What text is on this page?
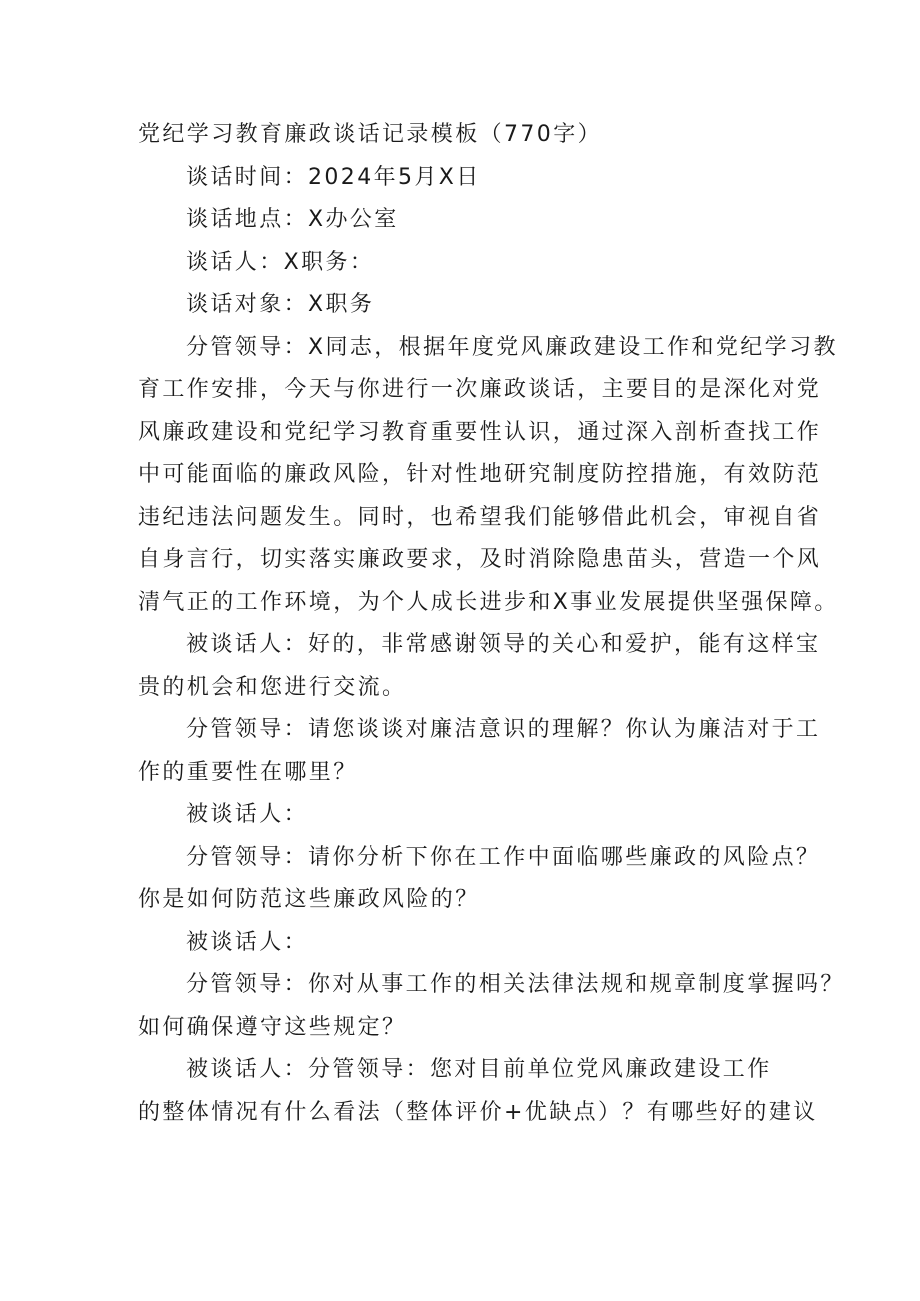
党纪学习教育廉政谈话记录模板（770字）
谈话时间：2024年5月X日
谈话地点：X办公室
谈话人：X职务：
谈话对象：X职务
分管领导：X同志，根据年度党风廉政建设工作和党纪学习教
育工作安排，今天与你进行一次廉政谈话，主要目的是深化对党
风廉政建设和党纪学习教育重要性认识，通过深入剖析查找工作
中可能面临的廉政风险，针对性地研究制度防控措施，有效防范
违纪违法问题发生。同时，也希望我们能够借此机会，审视自省
自身言行，切实落实廉政要求，及时消除隐患苗头，营造一个风
清气正的工作环境，为个人成长进步和X事业发展提供坚强保障。
被谈话人：好的，非常感谢领导的关心和爱护，能有这样宝
贵的机会和您进行交流。
分管领导：请您谈谈对廉洁意识的理解？你认为廉洁对于工
作的重要性在哪里？
被谈话人：
分管领导：请你分析下你在工作中面临哪些廉政的风险点？
你是如何防范这些廉政风险的？
被谈话人：
分管领导：你对从事工作的相关法律法规和规章制度掌握吗？
如何确保遵守这些规定？
被谈话人：分管领导：您对目前单位党风廉政建设工作
的整体情况有什么看法（整体评价+优缺点）？有哪些好的建议
